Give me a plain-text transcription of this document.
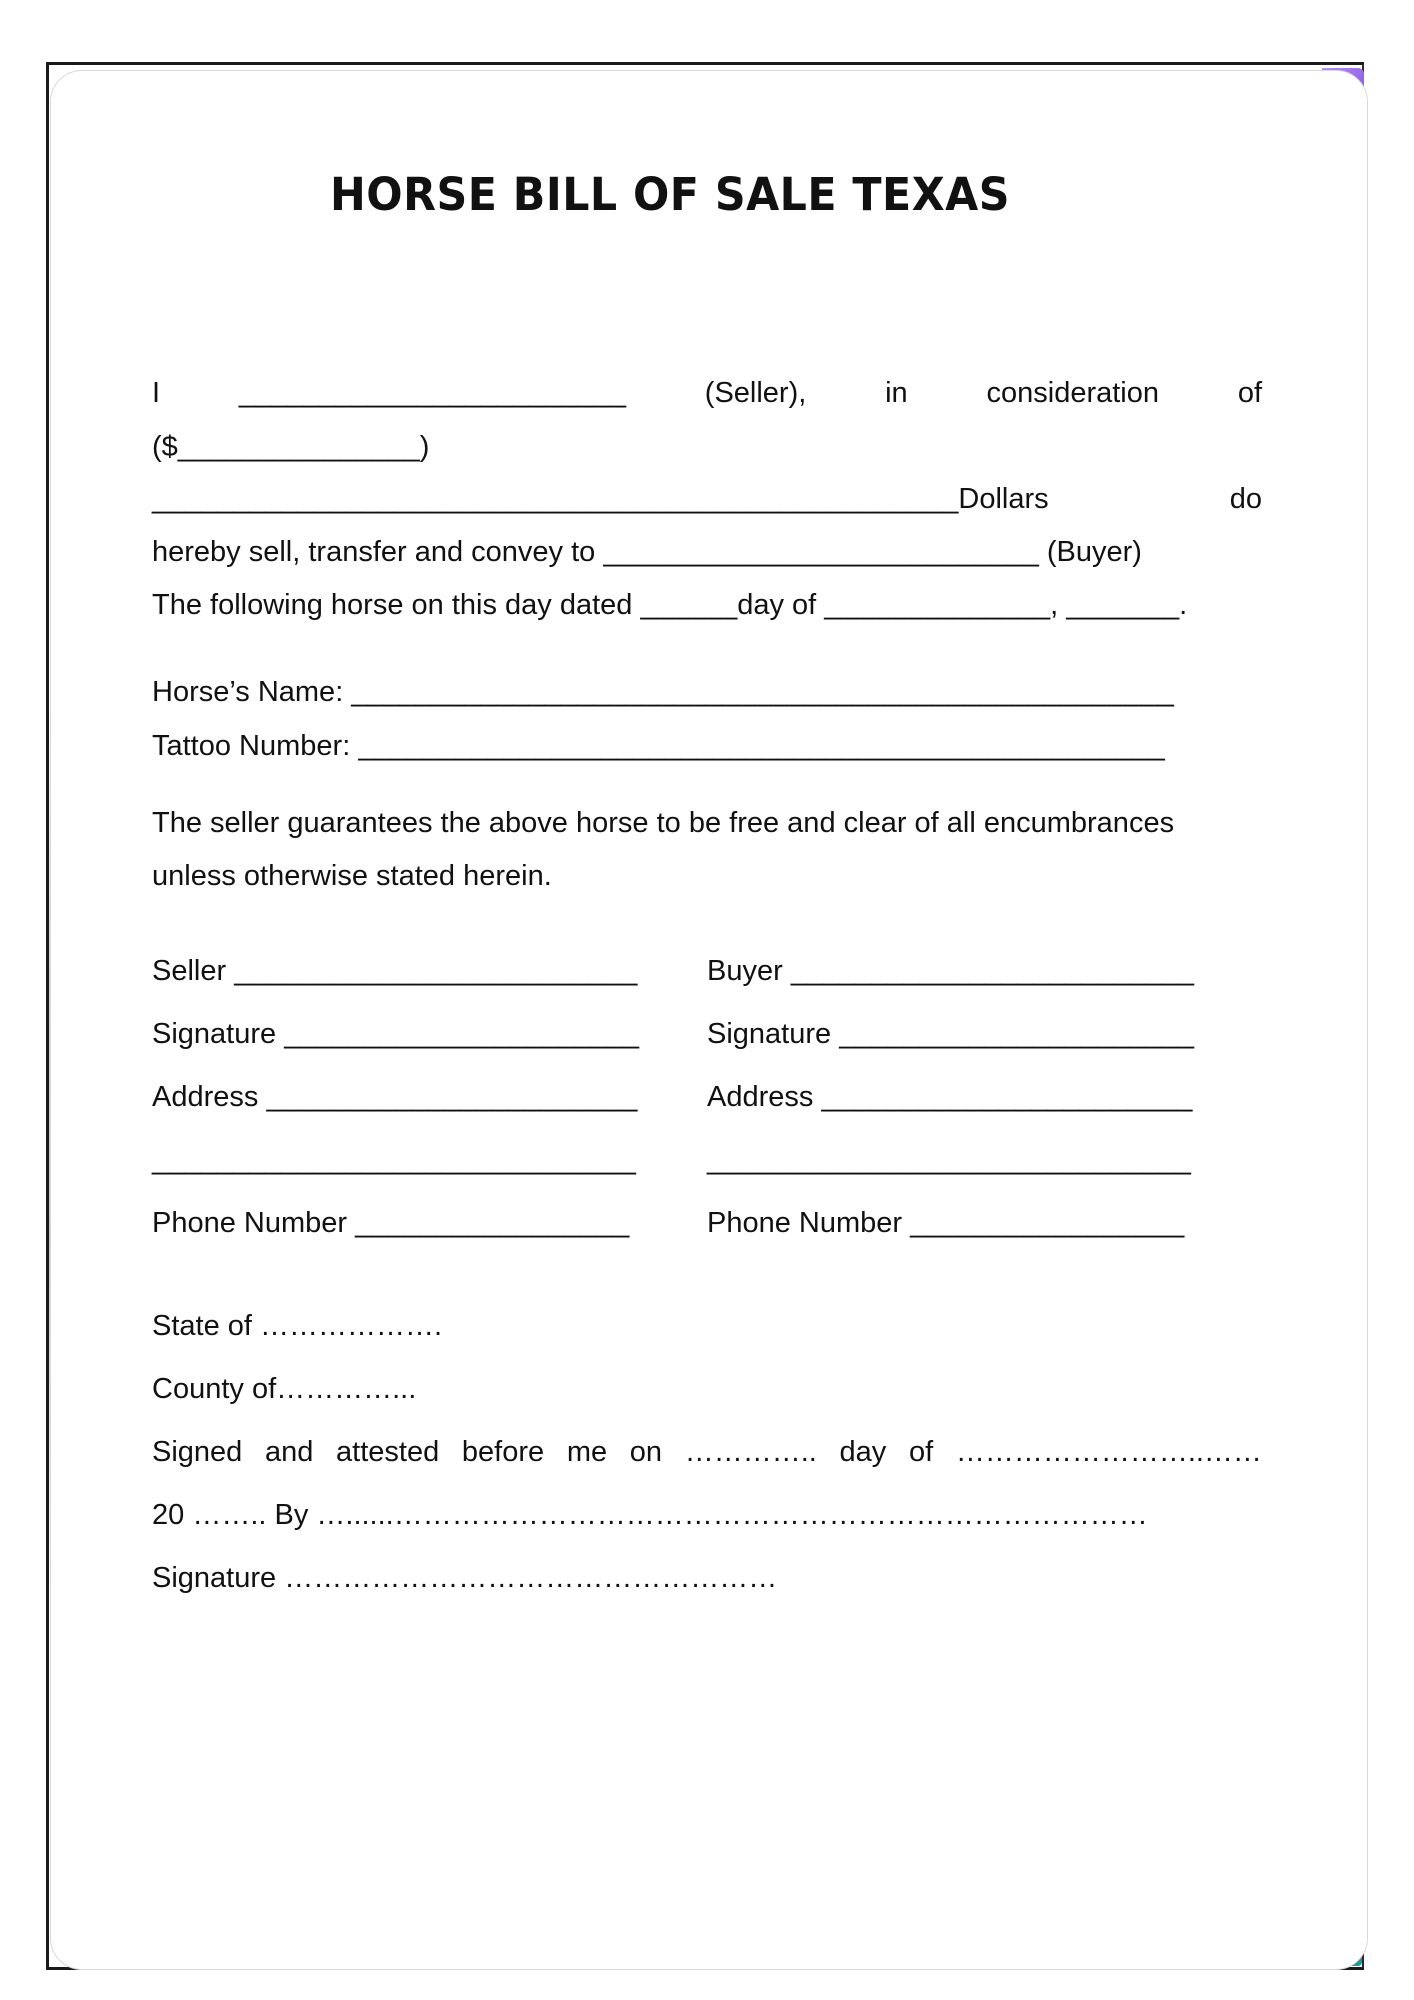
HORSE BILL OF SALE TEXAS
I	________________________	(Seller),	in	consideration	of
($_______________)
__________________________________________________Dollars	do
hereby sell, transfer and convey to ___________________________ (Buyer)
The following horse on this day dated ______day of ______________, _______.
Horse’s Name: ___________________________________________________
Tattoo Number: __________________________________________________
The seller guarantees the above horse to be free and clear of all encumbrances
unless otherwise stated herein.
Seller _________________________	Buyer _________________________
Signature ______________________	Signature ______________________
Address _______________________	Address _______________________
______________________________	______________________________
Phone Number _________________	Phone Number _________________
State of ……………….
County of…………...
Signed and attested before me on ………….. day of ……………………..……
20 …….. By …......……………………………………………………………………
Signature ……………………………………………
